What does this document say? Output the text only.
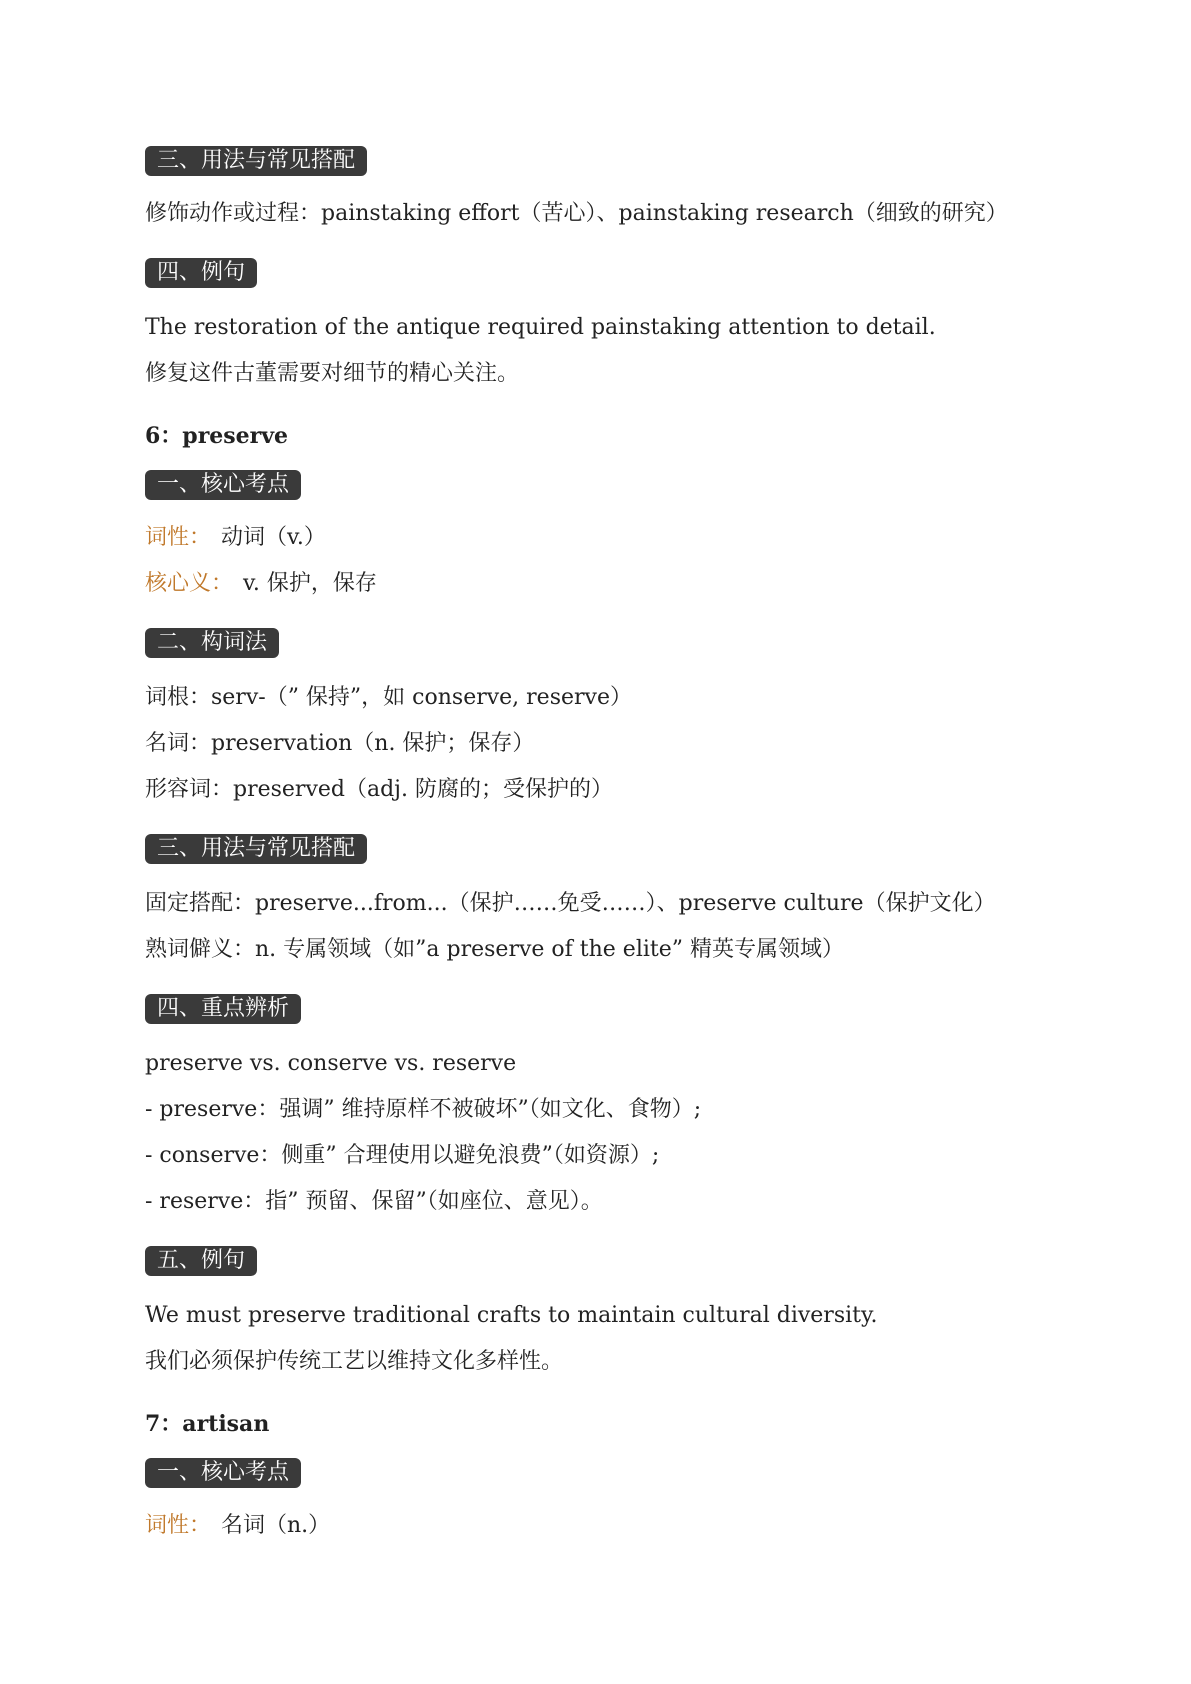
三、用法与常见搭配
修饰动作或过程：painstaking effort（苦心）、painstaking research（细致的研究）
四、例句
The restoration of the antique required painstaking attention to detail.
修复这件古董需要对细节的精心关注。
6：preserve
一、核心考点
词性： 动词（v.）
核心义： v. 保护，保存
二、构词法
词根：serv-（” 保持”，如 conserve, reserve）
名词：preservation（n. 保护；保存）
形容词：preserved（adj. 防腐的；受保护的）
三、用法与常见搭配
固定搭配：preserve...from...（保护……免受……）、preserve culture（保护文化）
熟词僻义：n. 专属领域（如”a preserve of the elite” 精英专属领域）
四、重点辨析
preserve vs. conserve vs. reserve
- preserve：强调” 维持原样不被破坏”（如文化、食物）;
- conserve：侧重” 合理使用以避免浪费”（如资源）;
- reserve：指” 预留、保留”（如座位、意见）。
五、例句
We must preserve traditional crafts to maintain cultural diversity.
我们必须保护传统工艺以维持文化多样性。
7：artisan
一、核心考点
词性： 名词（n.）
